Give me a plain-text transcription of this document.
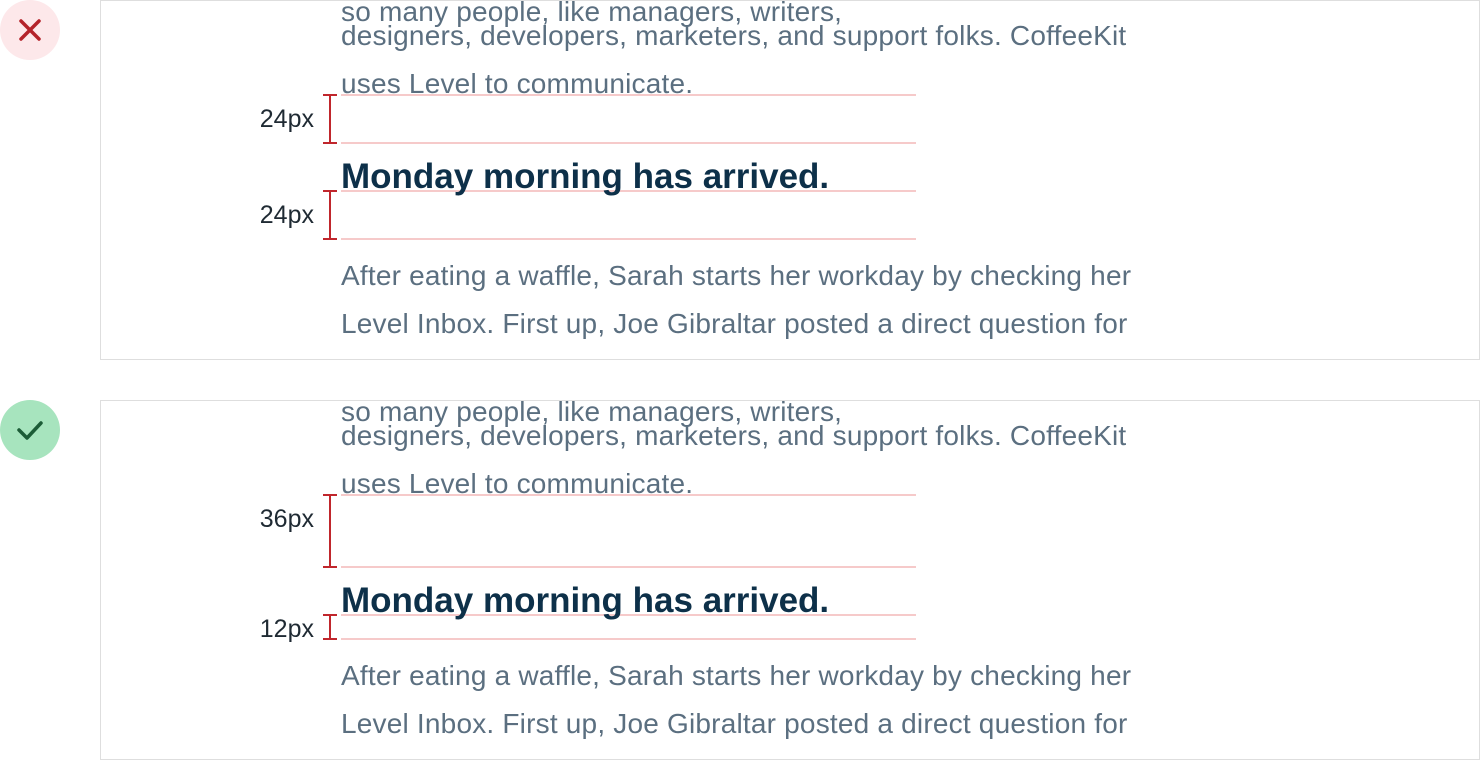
so many people, like managers, writers,

designers, developers, marketers, and support folks. CoffeeKit

uses Level to communicate.

24px
Monday morning has arrived.
24px

After eating a waffle, Sarah starts her workday by checking her

Level Inbox. First up, Joe Gibraltar posted a direct question for

so many people, like managers, writers,

designers, developers, marketers, and support folks. CoffeeKit

uses Level to communicate.

36px
Monday morning has arrived.
12px

After eating a waffle, Sarah starts her workday by checking her

Level Inbox. First up, Joe Gibraltar posted a direct question for
